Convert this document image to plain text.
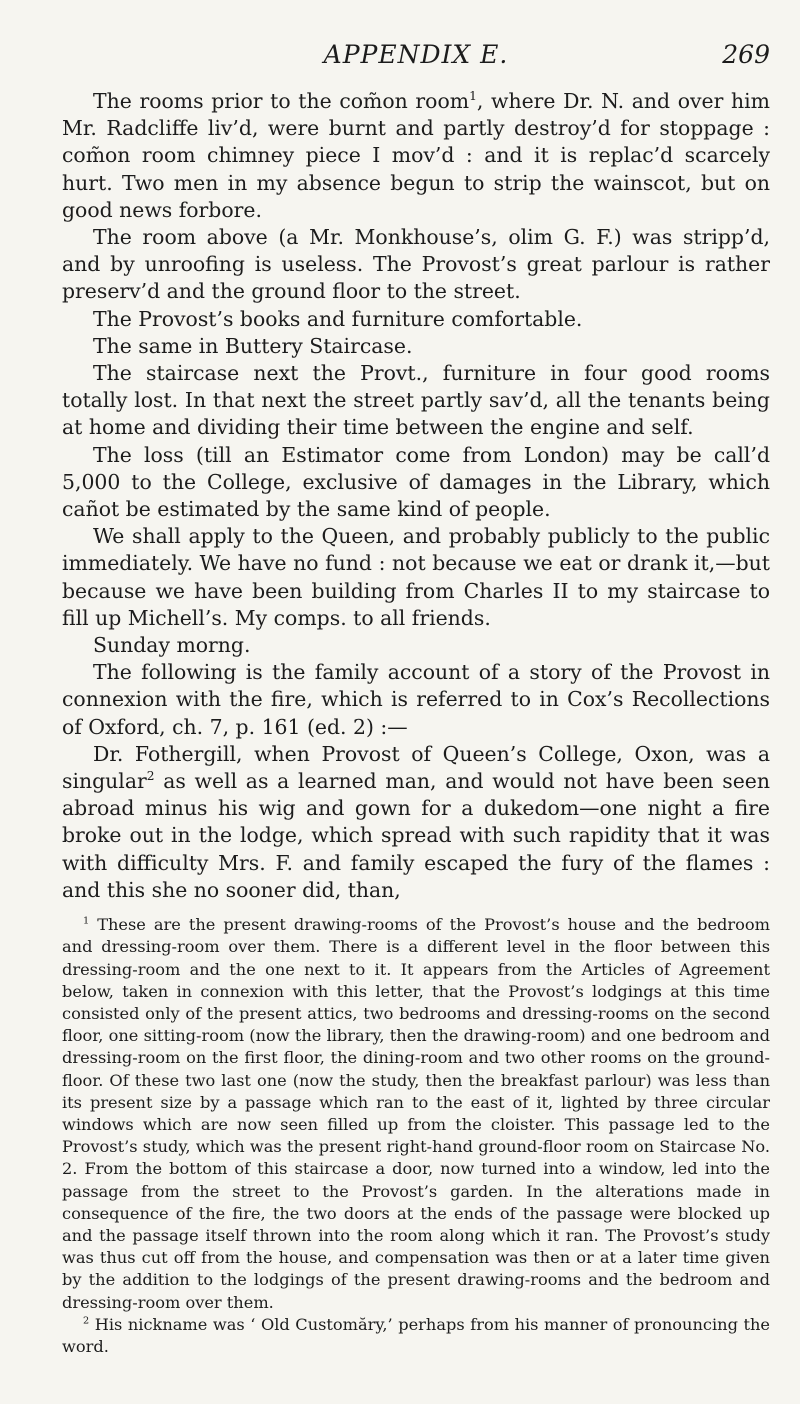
APPENDIX E.	269

The rooms prior to the com̃on room$^1$, where Dr. N. and over him Mr. Radcliffe liv’d, were burnt and partly destroy’d for stoppage : com̃on room chimney piece I mov’d : and it is replac’d scarcely hurt. Two men in my absence begun to strip the wainscot, but on good news forbore.

The room above (a Mr. Monkhouse’s, olim G. F.) was stripp’d, and by unroofing is useless. The Provost’s great parlour is rather preserv’d and the ground floor to the street.

The Provost’s books and furniture comfortable.

The same in Buttery Staircase.

The staircase next the Provt., furniture in four good rooms totally lost. In that next the street partly sav’d, all the tenants being at home and dividing their time between the engine and self.

The loss (till an Estimator come from London) may be call’d 5,000 to the College, exclusive of damages in the Library, which cañot be estimated by the same kind of people.

We shall apply to the Queen, and probably publicly to the public immediately. We have no fund : not because we eat or drank it,—but because we have been building from Charles II to my staircase to fill up Michell’s. My comps. to all friends.

Sunday morng.

The following is the family account of a story of the Provost in connexion with the fire, which is referred to in Cox’s Recollections of Oxford, ch. 7, p. 161 (ed. 2) :—

Dr. Fothergill, when Provost of Queen’s College, Oxon, was a singular$^2$ as well as a learned man, and would not have been seen abroad minus his wig and gown for a dukedom—one night a fire broke out in the lodge, which spread with such rapidity that it was with difficulty Mrs. F. and family escaped the fury of the flames : and this she no sooner did, than,

$^1$ These are the present drawing-rooms of the Provost’s house and the bedroom and dressing-room over them. There is a different level in the floor between this dressing-room and the one next to it. It appears from the Articles of Agreement below, taken in connexion with this letter, that the Provost’s lodgings at this time consisted only of the present attics, two bedrooms and dressing-rooms on the second floor, one sitting-room (now the library, then the drawing-room) and one bedroom and dressing-room on the first floor, the dining-room and two other rooms on the ground-floor. Of these two last one (now the study, then the breakfast parlour) was less than its present size by a passage which ran to the east of it, lighted by three circular windows which are now seen filled up from the cloister. This passage led to the Provost’s study, which was the present right-hand ground-floor room on Staircase No. 2. From the bottom of this staircase a door, now turned into a window, led into the passage from the street to the Provost’s garden. In the alterations made in consequence of the fire, the two doors at the ends of the passage were blocked up and the passage itself thrown into the room along which it ran. The Provost’s study was thus cut off from the house, and compensation was then or at a later time given by the addition to the lodgings of the present drawing-rooms and the bedroom and dressing-room over them.

$^2$ His nickname was ‘ Old Customăry,’ perhaps from his manner of pronouncing the word.
